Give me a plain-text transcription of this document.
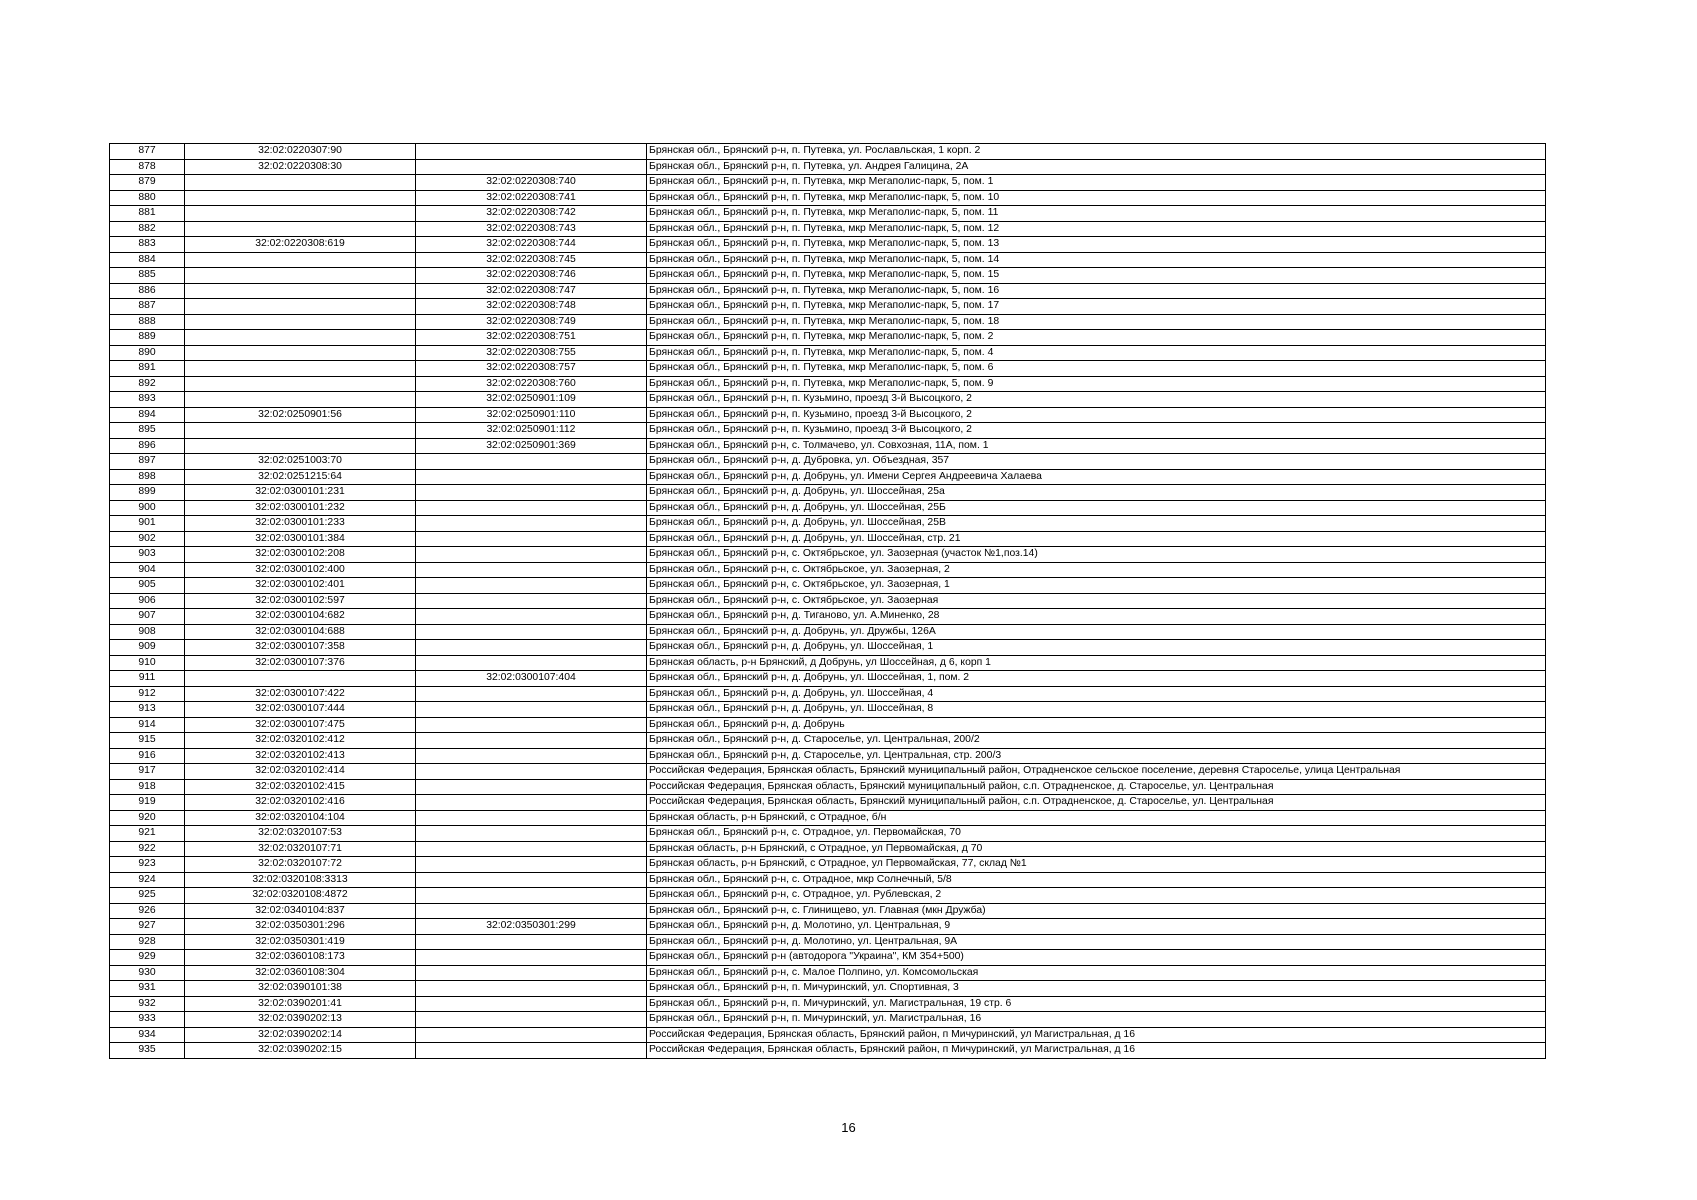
877	32:02:0220307:90		Брянская обл., Брянский р-н, п. Путевка, ул. Рославльская, 1 корп. 2
878	32:02:0220308:30		Брянская обл., Брянский р-н, п. Путевка, ул. Андрея Галицина, 2А
879		32:02:0220308:740	Брянская обл., Брянский р-н, п. Путевка, мкр Мегаполис-парк, 5, пом. 1
880		32:02:0220308:741	Брянская обл., Брянский р-н, п. Путевка, мкр Мегаполис-парк, 5, пом. 10
881		32:02:0220308:742	Брянская обл., Брянский р-н, п. Путевка, мкр Мегаполис-парк, 5, пом. 11
882		32:02:0220308:743	Брянская обл., Брянский р-н, п. Путевка, мкр Мегаполис-парк, 5, пом. 12
883	32:02:0220308:619	32:02:0220308:744	Брянская обл., Брянский р-н, п. Путевка, мкр Мегаполис-парк, 5, пом. 13
884		32:02:0220308:745	Брянская обл., Брянский р-н, п. Путевка, мкр Мегаполис-парк, 5, пом. 14
885		32:02:0220308:746	Брянская обл., Брянский р-н, п. Путевка, мкр Мегаполис-парк, 5, пом. 15
886		32:02:0220308:747	Брянская обл., Брянский р-н, п. Путевка, мкр Мегаполис-парк, 5, пом. 16
887		32:02:0220308:748	Брянская обл., Брянский р-н, п. Путевка, мкр Мегаполис-парк, 5, пом. 17
888		32:02:0220308:749	Брянская обл., Брянский р-н, п. Путевка, мкр Мегаполис-парк, 5, пом. 18
889		32:02:0220308:751	Брянская обл., Брянский р-н, п. Путевка, мкр Мегаполис-парк, 5, пом. 2
890		32:02:0220308:755	Брянская обл., Брянский р-н, п. Путевка, мкр Мегаполис-парк, 5, пом. 4
891		32:02:0220308:757	Брянская обл., Брянский р-н, п. Путевка, мкр Мегаполис-парк, 5, пом. 6
892		32:02:0220308:760	Брянская обл., Брянский р-н, п. Путевка, мкр Мегаполис-парк, 5, пом. 9
893		32:02:0250901:109	Брянская обл., Брянский р-н, п. Кузьмино, проезд 3-й Высоцкого, 2
894	32:02:0250901:56	32:02:0250901:110	Брянская обл., Брянский р-н, п. Кузьмино, проезд 3-й Высоцкого, 2
895		32:02:0250901:112	Брянская обл., Брянский р-н, п. Кузьмино, проезд 3-й Высоцкого, 2
896		32:02:0250901:369	Брянская обл., Брянский р-н, с. Толмачево, ул. Совхозная, 11А, пом. 1
897	32:02:0251003:70		Брянская обл., Брянский р-н, д. Дубровка, ул. Объездная, 357
898	32:02:0251215:64		Брянская обл., Брянский р-н, д. Добрунь, ул. Имени Сергея Андреевича Халаева
899	32:02:0300101:231		Брянская обл., Брянский р-н, д. Добрунь, ул. Шоссейная, 25а
900	32:02:0300101:232		Брянская обл., Брянский р-н, д. Добрунь, ул. Шоссейная, 25Б
901	32:02:0300101:233		Брянская обл., Брянский р-н, д. Добрунь, ул. Шоссейная, 25В
902	32:02:0300101:384		Брянская обл., Брянский р-н, д. Добрунь, ул. Шоссейная, стр. 21
903	32:02:0300102:208		Брянская обл., Брянский р-н, с. Октябрьское, ул. Заозерная (участок №1,поз.14)
904	32:02:0300102:400		Брянская обл., Брянский р-н, с. Октябрьское, ул. Заозерная, 2
905	32:02:0300102:401		Брянская обл., Брянский р-н, с. Октябрьское, ул. Заозерная, 1
906	32:02:0300102:597		Брянская обл., Брянский р-н, с. Октябрьское, ул. Заозерная
907	32:02:0300104:682		Брянская обл., Брянский р-н, д. Тиганово, ул. А.Миненко, 28
908	32:02:0300104:688		Брянская обл., Брянский р-н, д. Добрунь, ул. Дружбы, 126А
909	32:02:0300107:358		Брянская обл., Брянский р-н, д. Добрунь, ул. Шоссейная, 1
910	32:02:0300107:376		Брянская область, р-н Брянский, д Добрунь, ул Шоссейная, д 6, корп 1
911		32:02:0300107:404	Брянская обл., Брянский р-н, д. Добрунь, ул. Шоссейная, 1, пом. 2
912	32:02:0300107:422		Брянская обл., Брянский р-н, д. Добрунь, ул. Шоссейная, 4
913	32:02:0300107:444		Брянская обл., Брянский р-н, д. Добрунь, ул. Шоссейная, 8
914	32:02:0300107:475		Брянская обл., Брянский р-н, д. Добрунь
915	32:02:0320102:412		Брянская обл., Брянский р-н, д. Староселье, ул. Центральная, 200/2
916	32:02:0320102:413		Брянская обл., Брянский р-н, д. Староселье, ул. Центральная, стр. 200/3
917	32:02:0320102:414		Российская Федерация, Брянская область, Брянский муниципальный район, Отрадненское сельское поселение, деревня Староселье, улица Центральная
918	32:02:0320102:415		Российская Федерация, Брянская область, Брянский муниципальный район, с.п. Отрадненское, д. Староселье, ул. Центральная
919	32:02:0320102:416		Российская Федерация, Брянская область, Брянский муниципальный район, с.п. Отрадненское, д. Староселье, ул. Центральная
920	32:02:0320104:104		Брянская область, р-н Брянский, с Отрадное, б/н
921	32:02:0320107:53		Брянская обл., Брянский р-н, с. Отрадное, ул. Первомайская, 70
922	32:02:0320107:71		Брянская область, р-н Брянский, с Отрадное, ул Первомайская, д 70
923	32:02:0320107:72		Брянская область, р-н Брянский, с Отрадное, ул Первомайская, 77, склад №1
924	32:02:0320108:3313		Брянская обл., Брянский р-н, с. Отрадное, мкр Солнечный, 5/8
925	32:02:0320108:4872		Брянская обл., Брянский р-н, с. Отрадное, ул. Рублевская, 2
926	32:02:0340104:837		Брянская обл., Брянский р-н, с. Глинищево, ул. Главная (мкн Дружба)
927	32:02:0350301:296	32:02:0350301:299	Брянская обл., Брянский р-н, д. Молотино, ул. Центральная, 9
928	32:02:0350301:419		Брянская обл., Брянский р-н, д. Молотино, ул. Центральная, 9А
929	32:02:0360108:173		Брянская обл., Брянский р-н (автодорога "Украина", КМ 354+500)
930	32:02:0360108:304		Брянская обл., Брянский р-н, с. Малое Полпино, ул. Комсомольская
931	32:02:0390101:38		Брянская обл., Брянский р-н, п. Мичуринский, ул. Спортивная, 3
932	32:02:0390201:41		Брянская обл., Брянский р-н, п. Мичуринский, ул. Магистральная, 19 стр. 6
933	32:02:0390202:13		Брянская обл., Брянский р-н, п. Мичуринский, ул. Магистральная, 16
934	32:02:0390202:14		Российская Федерация, Брянская область, Брянский район, п Мичуринский, ул Магистральная, д 16
935	32:02:0390202:15		Российская Федерация, Брянская область, Брянский район, п Мичуринский, ул Магистральная, д 16
16
